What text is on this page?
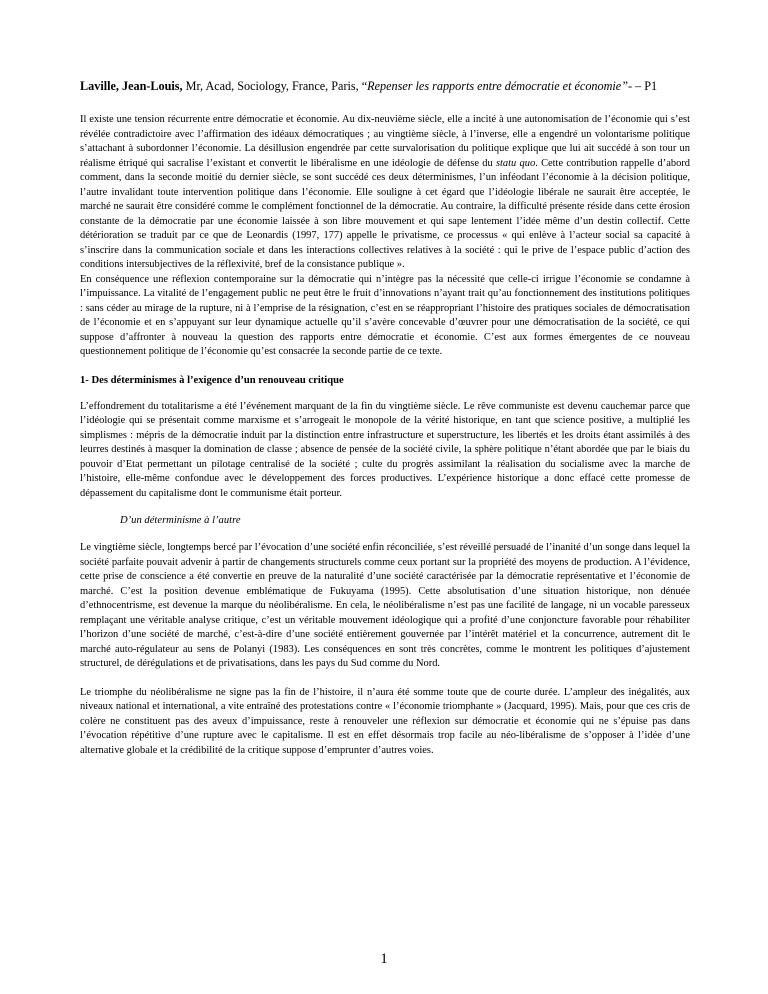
Laville, Jean-Louis, Mr, Acad, Sociology, France, Paris, “Repenser les rapports entre démocratie et économie”- – P1

Il existe une tension récurrente entre démocratie et économie. Au dix-neuvième siècle, elle a incité à une autonomisation de l’économie qui s’est révélée contradictoire avec l’affirmation des idéaux démocratiques ; au vingtième siècle, à l’inverse, elle a engendré un volontarisme politique s’attachant à subordonner l’économie. La désillusion engendrée par cette survalorisation du politique explique que lui ait succédé à son tour un réalisme étriqué qui sacralise l’existant et convertit le libéralisme en une idéologie de défense du statu quo. Cette contribution rappelle d’abord comment, dans la seconde moitié du dernier siècle, se sont succédé ces deux déterminismes, l’un inféodant l’économie à la décision politique, l’autre invalidant toute intervention politique dans l’économie. Elle souligne à cet égard que l’idéologie libérale ne saurait être acceptée, le marché ne saurait être considéré comme le complément fonctionnel de la démocratie. Au contraire, la difficulté présente réside dans cette érosion constante de la démocratie par une économie laissée à son libre mouvement et qui sape lentement l’idée même d’un destin collectif. Cette détérioration se traduit par ce que de Leonardis (1997, 177) appelle le privatisme, ce processus « qui enlève à l’acteur social sa capacité à s’inscrire dans la communication sociale et dans les interactions collectives relatives à la société : qui le prive de l’espace public d’action des conditions intersubjectives de la réflexivité, bref de la consistance publique ».

En conséquence une réflexion contemporaine sur la démocratie qui n’intègre pas la nécessité que celle-ci irrigue l’économie se condamne à l’impuissance. La vitalité de l’engagement public ne peut être le fruit d’innovations n’ayant trait qu’au fonctionnement des institutions politiques : sans céder au mirage de la rupture, ni à l’emprise de la résignation, c’est en se réappropriant l’histoire des pratiques sociales de démocratisation de l’économie et en s’appuyant sur leur dynamique actuelle qu’il s’avère concevable d’œuvrer pour une démocratisation de la société, ce qui suppose d’affronter à nouveau la question des rapports entre démocratie et économie. C’est aux formes émergentes de ce nouveau questionnement politique de l’économie qu’est consacrée la seconde partie de ce texte.

1- Des déterminismes à l’exigence d’un renouveau critique

L’effondrement du totalitarisme a été l’événement marquant de la fin du vingtième siècle. Le rêve communiste est devenu cauchemar parce que l’idéologie qui se présentait comme marxisme et s’arrogeait le monopole de la vérité historique, en tant que science positive, a multiplié les simplismes : mépris de la démocratie induit par la distinction entre infrastructure et superstructure, les libertés et les droits étant assimilés à des leurres destinés à masquer la domination de classe ; absence de pensée de la société civile, la sphère politique n’étant abordée que par le biais du pouvoir d’Etat permettant un pilotage centralisé de la société ; culte du progrès assimilant la réalisation du socialisme avec la marche de l’histoire, elle-même confondue avec le développement des forces productives. L’expérience historique a donc effacé cette promesse de dépassement du capitalisme dont le communisme était porteur.

D’un déterminisme à l’autre

Le vingtième siècle, longtemps bercé par l’évocation d’une société enfin réconciliée, s’est réveillé persuadé de l’inanité d’un songe dans lequel la société parfaite pouvait advenir à partir de changements structurels comme ceux portant sur la propriété des moyens de production. A l’évidence, cette prise de conscience a été convertie en preuve de la naturalité d’une société caractérisée par la démocratie représentative et l’économie de marché. C’est la position devenue emblématique de Fukuyama (1995). Cette absolutisation d’une situation historique, non dénuée d’ethnocentrisme, est devenue la marque du néolibéralisme. En cela, le néolibéralisme n’est pas une facilité de langage, ni un vocable paresseux remplaçant une véritable analyse critique, c’est un véritable mouvement idéologique qui a profité d’une conjoncture favorable pour réhabiliter l’horizon d’une société de marché, c’est-à-dire d’une société entièrement gouvernée par l’intérêt matériel et la concurrence, autrement dit le marché auto-régulateur au sens de Polanyi (1983). Les conséquences en sont très concrètes, comme le montrent les politiques d’ajustement structurel, de dérégulations et de privatisations, dans les pays du Sud comme du Nord.

Le triomphe du néolibéralisme ne signe pas la fin de l’histoire, il n’aura été somme toute que de courte durée. L’ampleur des inégalités, aux niveaux national et international, a vite entraîné des protestations contre « l’économie triomphante » (Jacquard, 1995). Mais, pour que ces cris de colère ne constituent pas des aveux d’impuissance, reste à renouveler une réflexion sur démocratie et économie qui ne s’épuise pas dans l’évocation répétitive d’une rupture avec le capitalisme. Il est en effet désormais trop facile au néo-libéralisme de s’opposer à l’idée d’une alternative globale et la crédibilité de la critique suppose d’emprunter d’autres voies.

1
